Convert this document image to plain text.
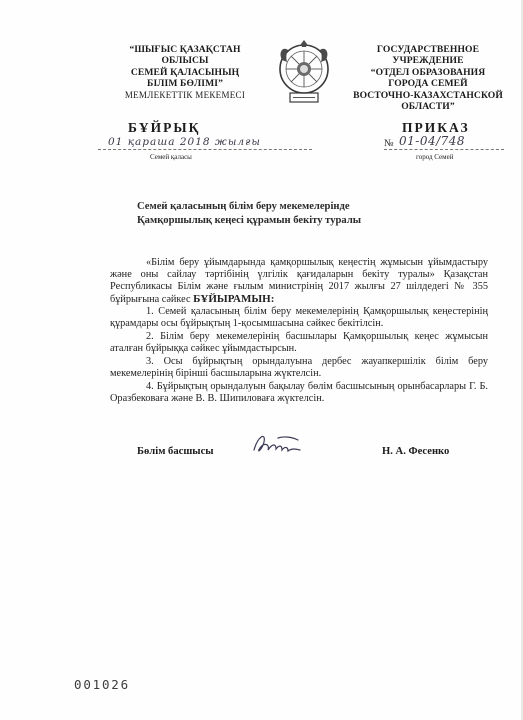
“ШЫҒЫС ҚАЗАҚСТАН
ОБЛЫСЫ
СЕМЕЙ ҚАЛАСЫНЫҢ
БІЛІМ БӨЛІМІ”
МЕМЛЕКЕТТІК МЕКЕМЕСІ
ГОСУДАРСТВЕННОЕ УЧРЕЖДЕНИЕ
“ОТДЕЛ ОБРАЗОВАНИЯ
ГОРОДА СЕМЕЙ
ВОСТОЧНО-КАЗАХСТАНСКОЙ
ОБЛАСТИ”
БҰЙРЫҚ	ПРИКАЗ
01 қараша 2018 жылғы	№ 01-04/748
Семей қаласы	город Семей
Семей қаласының білім беру мекемелерінде
Қамқоршылық кеңесі құрамын бекіту туралы
«Білім беру ұйымдарында қамқоршылық кеңестің жұмысын ұйымдастыру және оны сайлау тәртібінің үлгілік қағидаларын бекіту туралы» Қазақстан Республикасы Білім және ғылым министрінің 2017 жылғы 27 шілдедегі № 355 бұйрығына сәйкес БҰЙЫРАМЫН:
1. Семей қаласының білім беру мекемелерінің Қамқоршылық кеңестерінің құрамдары осы бұйрықтың 1-қосымшасына сәйкес бекітілсін.
2. Білім беру мекемелерінің басшылары Қамқоршылық кеңес жұмысын аталған бұйрыққа сәйкес ұйымдастырсын.
3. Осы бұйрықтың орындалуына дербес жауапкершілік білім беру мекемелерінің бірінші басшыларына жүктелсін.
4. Бұйрықтың орындалуын бақылау бөлім басшысының орынбасарлары Г. Б. Оразбековаға және В. В. Шипиловаға жүктелсін.
Бөлім басшысы	Н. А. Фесенко
001026
